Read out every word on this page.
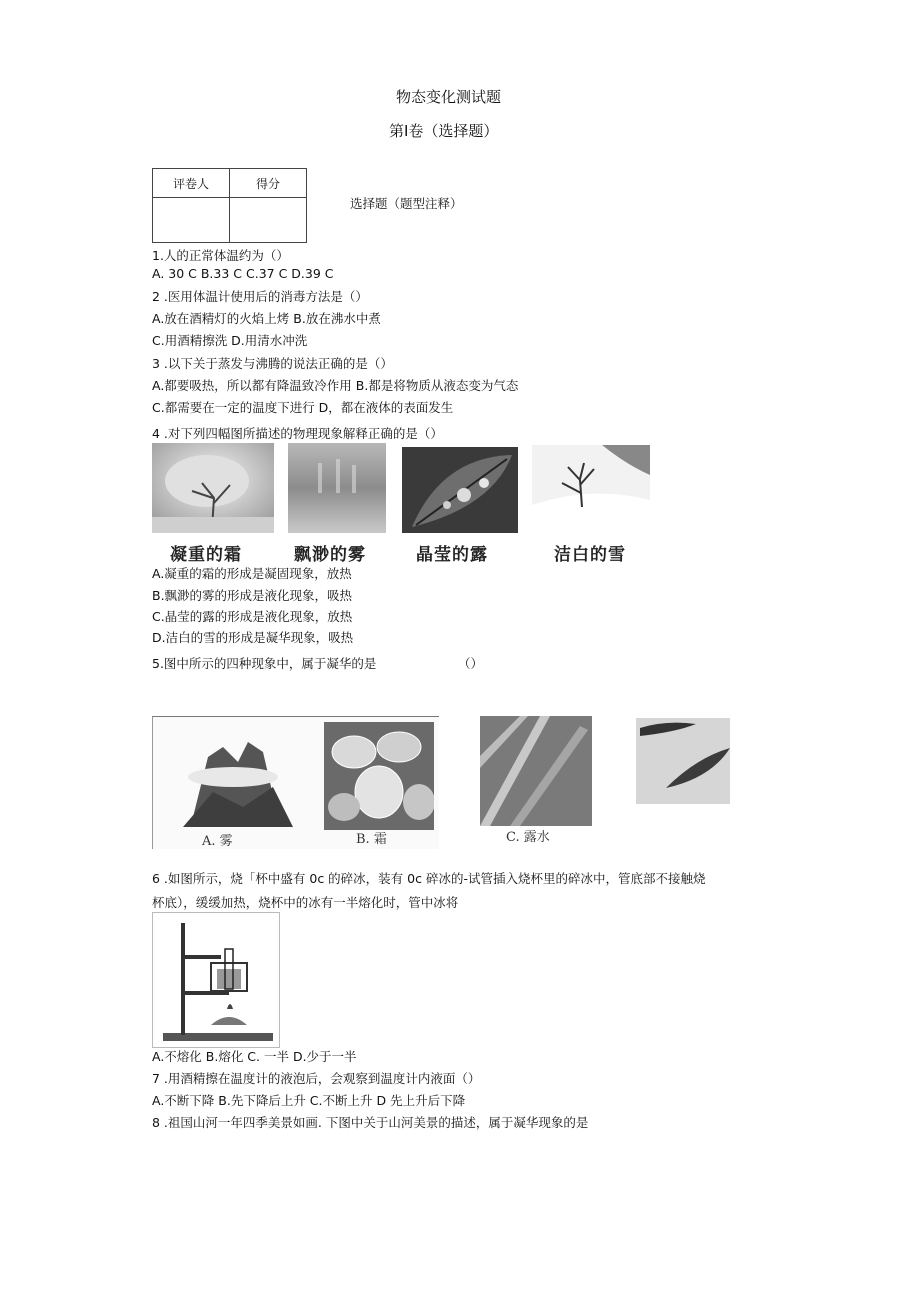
物态变化测试题
第Ⅰ卷（选择题）
评卷人	得分

选择题（题型注释）
1.人的正常体温约为（）
A. 30 C B.33 C C.37 C D.39 C
2 .医用体温计使用后的消毒方法是（）
A.放在酒精灯的火焰上烤 B.放在沸水中煮
C.用酒精擦洗 D.用清水冲洗
3 .以下关于蒸发与沸腾的说法正确的是（）
A.都要吸热，所以都有降温致冷作用 B.都是将物质从液态变为气态
C.都需要在一定的温度下进行 D，都在液体的表面发生
4 .对下列四幅图所描述的物理现象解释正确的是（）
凝重的霜	飘渺的雾	晶莹的露	洁白的雪
A.凝重的霜的形成是凝固现象，放热
B.飘渺的雾的形成是液化现象，吸热
C.晶莹的露的形成是液化现象，放热
D.洁白的雪的形成是凝华现象，吸热
5.图中所示的四种现象中，属于凝华的是	（）
A. 雾	B. 霜	C. 露水
6 .如图所示，烧「杯中盛有 0c 的碎冰，装有 0c 碎冰的-试管插入烧杯里的碎冰中，管底部不接触烧
杯底），缓缓加热，烧杯中的冰有一半熔化时，管中冰将
A.不熔化 B.熔化 C. 一半 D.少于一半
7 .用酒精擦在温度计的液泡后，会观察到温度计内液面（）
A.不断下降 B.先下降后上升 C.不断上升 D 先上升后下降
8 .祖国山河一年四季美景如画. 下图中关于山河美景的描述，属于凝华现象的是
